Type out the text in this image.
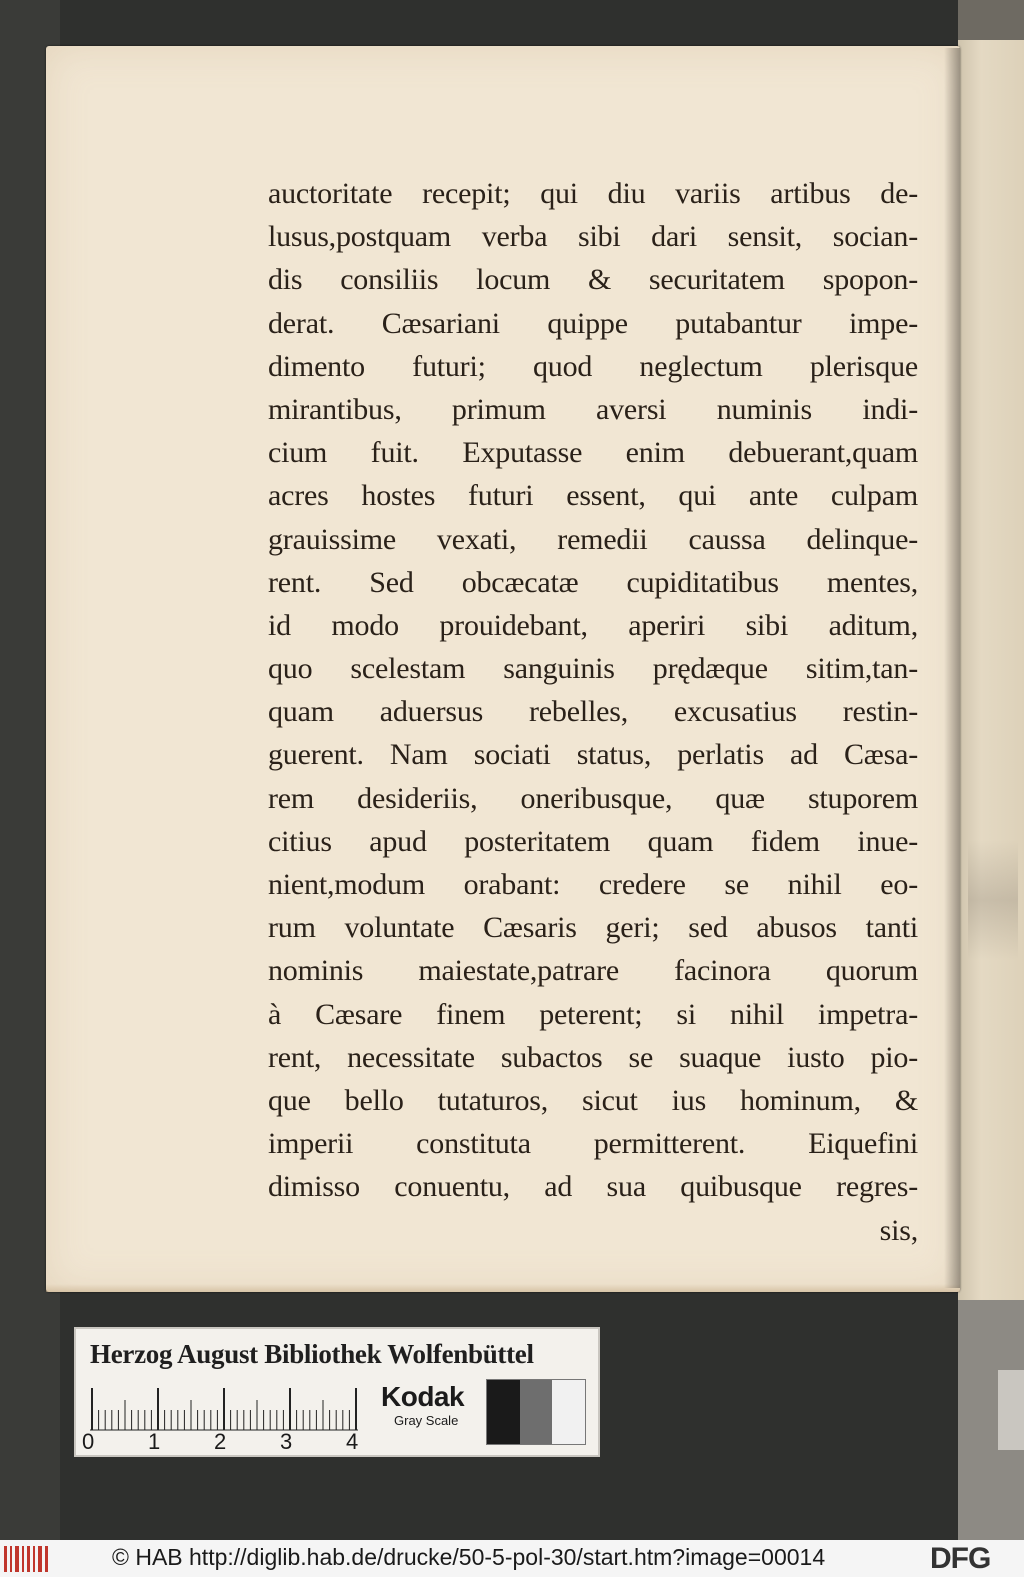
auctoritate recepit; qui diu variis artibus de-
lusus,postquam verba sibi dari sensit, socian-
dis consiliis locum & securitatem spopon-
derat. Cæsariani quippe putabantur impe-
dimento futuri; quod neglectum plerisque
mirantibus, primum aversi numinis indi-
cium fuit. Exputasse enim debuerant,quam
acres hostes futuri essent, qui ante culpam
grauissime vexati, remedii caussa delinque-
rent. Sed obcæcatæ cupiditatibus mentes,
id modo prouidebant, aperiri sibi aditum,
quo scelestam sanguinis prędæque sitim,tan-
quam aduersus rebelles, excusatius restin-
guerent. Nam sociati status, perlatis ad Cæsa-
rem desideriis, oneribusque, quæ stuporem
citius apud posteritatem quam fidem inue-
nient,modum orabant: credere se nihil eo-
rum voluntate Cæsaris geri; sed abusos tanti
nominis maiestate,patrare facinora quorum
à Cæsare finem peterent; si nihil impetra-
rent, necessitate subactos se suaque iusto pio-
que bello tutaturos, sicut ius hominum, &
imperii constituta permitterent. Eiquefini
dimisso conuentu, ad sua quibusque regres-
sis,
Herzog August Bibliothek Wolfenbüttel
0 1 2 3 4
Kodak
Gray Scale
© HAB http://diglib.hab.de/drucke/50-5-pol-30/start.htm?image=00014	DFG
